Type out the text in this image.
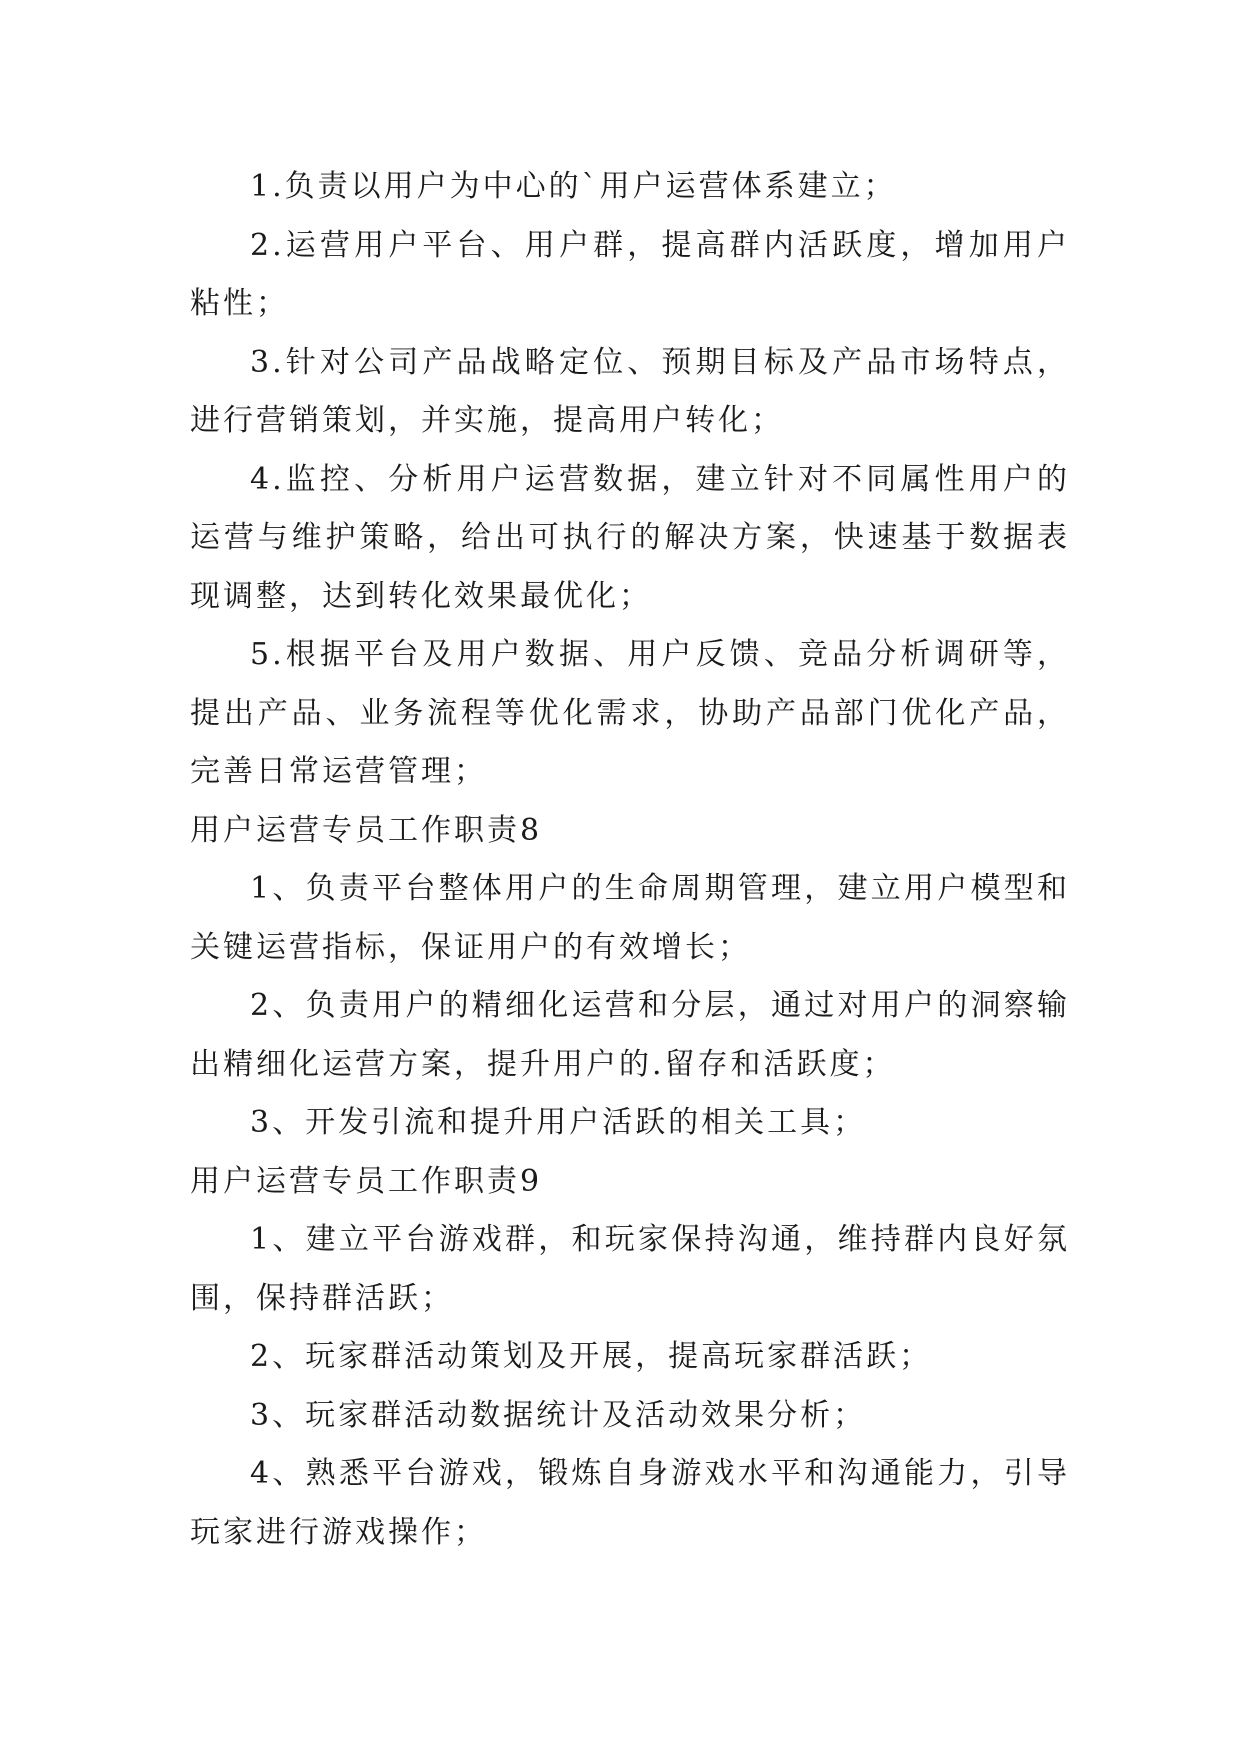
1.负责以用户为中心的`用户运营体系建立；

2.运营用户平台、用户群，提高群内活跃度，增加用户粘性；

3.针对公司产品战略定位、预期目标及产品市场特点，进行营销策划，并实施，提高用户转化；

4.监控、分析用户运营数据，建立针对不同属性用户的运营与维护策略，给出可执行的解决方案，快速基于数据表现调整，达到转化效果最优化；

5.根据平台及用户数据、用户反馈、竞品分析调研等，提出产品、业务流程等优化需求，协助产品部门优化产品，完善日常运营管理；

用户运营专员工作职责8

1、负责平台整体用户的生命周期管理，建立用户模型和关键运营指标，保证用户的有效增长；

2、负责用户的精细化运营和分层，通过对用户的洞察输出精细化运营方案，提升用户的.留存和活跃度；

3、开发引流和提升用户活跃的相关工具；

用户运营专员工作职责9

1、建立平台游戏群，和玩家保持沟通，维持群内良好氛围，保持群活跃；

2、玩家群活动策划及开展，提高玩家群活跃；

3、玩家群活动数据统计及活动效果分析；

4、熟悉平台游戏，锻炼自身游戏水平和沟通能力，引导玩家进行游戏操作；
